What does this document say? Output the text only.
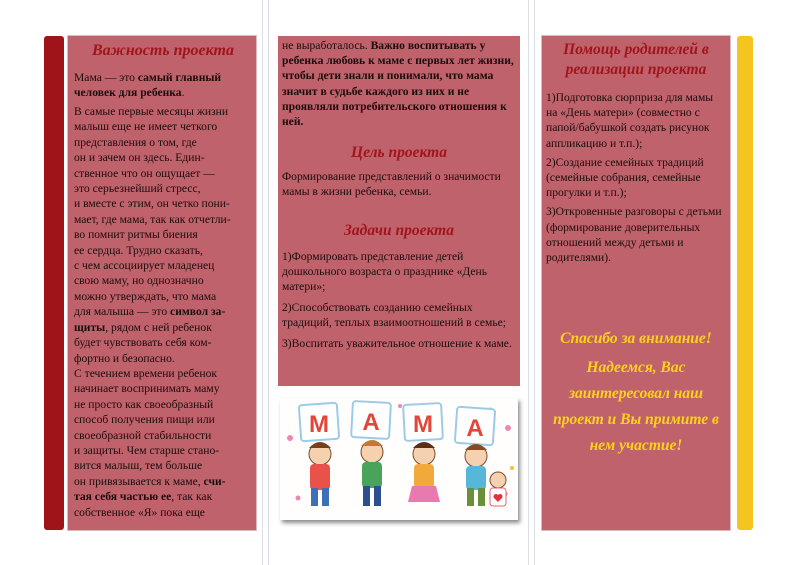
Важность проекта

Мама — это самый главный человек для ребенка.

В самые первые месяцы жизни
малыш еще не имеет четкого
представления о том, где
он и зачем он здесь. Един-
ственное что он ощущает —
это серьезнейший стресс,
и вместе с этим, он четко пони-
мает, где мама, так как отчетли-
во помнит ритмы биения
ее сердца. Трудно сказать,
с чем ассоциирует младенец
свою маму, но однозначно
можно утверждать, что мама
для малыша — это символ за-
щиты, рядом с ней ребенок
будет чувствовать себя ком-
фортно и безопасно.
С течением времени ребенок
начинает воспринимать маму
не просто как своеобразный
способ получения пищи или
своеобразной стабильности
и защиты. Чем старше стано-
вится малыш, тем больше
он привязывается к маме, счи-
тая себя частью ее, так как
собственное «Я» пока еще

не выработалось. Важно воспитывать у ребенка любовь к маме с первых лет жизни, чтобы дети знали и понимали, что мама значит в судьбе каждого из них и не проявляли потребительского отношения к ней.

Цель проекта

Формирование представлений о значимости мамы в жизни ребенка, семьи.

Задачи проекта

1)Формировать представление детей дошкольного возраста о празднике «День матери»;

2)Способствовать созданию семейных традиций, теплых взаимоотношений в семье;

3)Воспитать уважительное отношение к маме.

М А М А
Помощь родителей в реализации проекта

1)Подготовка сюрприза для мамы на «День матери» (совместно с папой/бабушкой создать рисунок аппликацию и т.п.);

2)Создание семейных традиций (семейные собрания, семейные прогулки и т.п.);

3)Откровенные разговоры с детьми (формирование доверительных отношений между детьми и родителями).

Спасибо за внимание!

Надеемся, Вас заинтересовал наш проект и Вы примите в нем участие!
